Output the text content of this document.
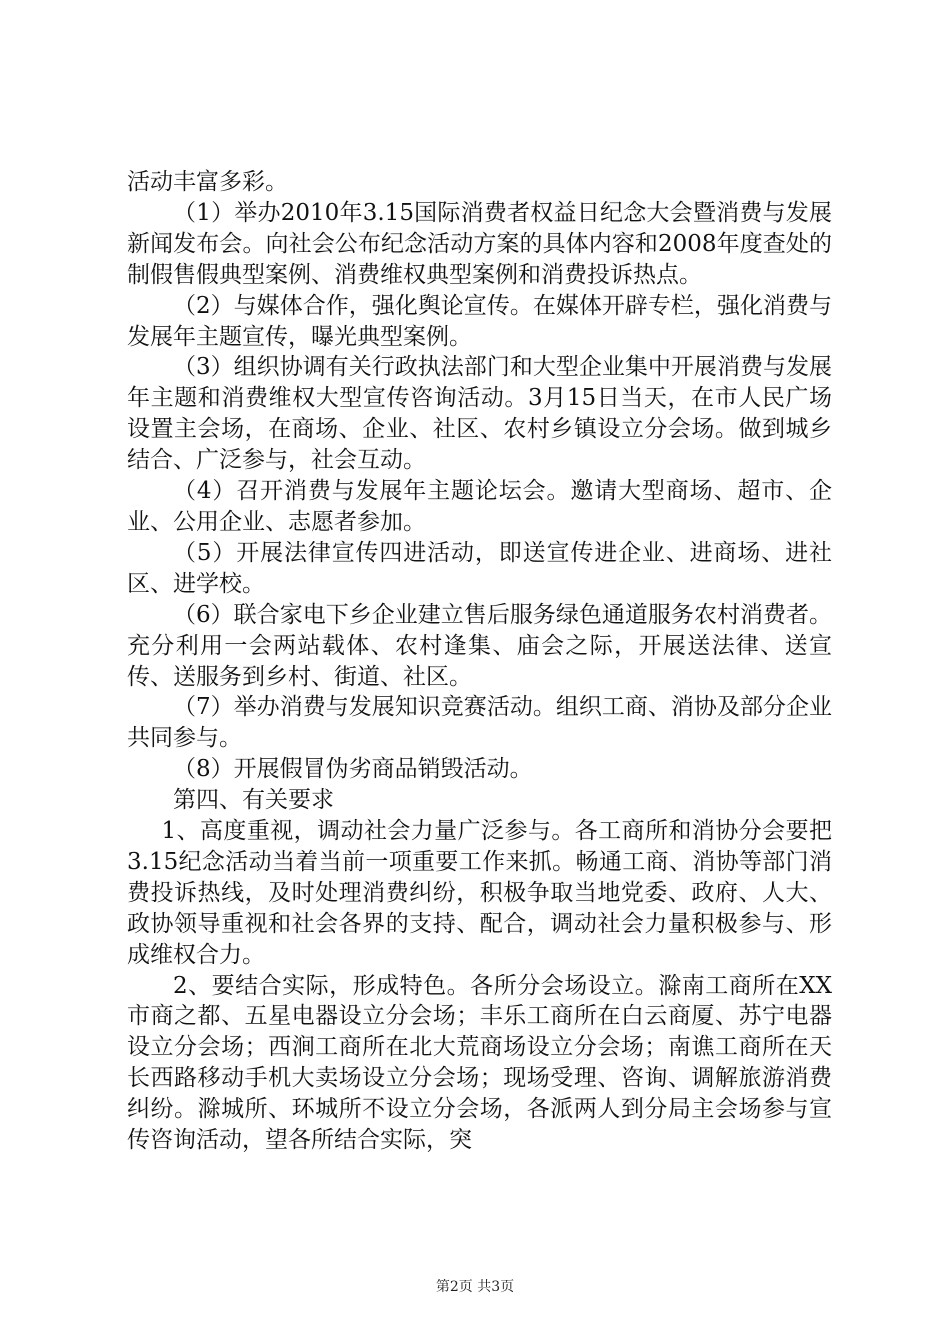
活动丰富多彩。

（1）举办2010年3.15国际消费者权益日纪念大会暨消费与发展新闻发布会。向社会公布纪念活动方案的具体内容和2008年度查处的制假售假典型案例、消费维权典型案例和消费投诉热点。

（2）与媒体合作，强化舆论宣传。在媒体开辟专栏，强化消费与发展年主题宣传，曝光典型案例。

（3）组织协调有关行政执法部门和大型企业集中开展消费与发展年主题和消费维权大型宣传咨询活动。3月15日当天，在市人民广场设置主会场，在商场、企业、社区、农村乡镇设立分会场。做到城乡结合、广泛参与，社会互动。

（4）召开消费与发展年主题论坛会。邀请大型商场、超市、企业、公用企业、志愿者参加。

（5）开展法律宣传四进活动，即送宣传进企业、进商场、进社区、进学校。

（6）联合家电下乡企业建立售后服务绿色通道服务农村消费者。充分利用一会两站载体、农村逢集、庙会之际，开展送法律、送宣传、送服务到乡村、街道、社区。

（7）举办消费与发展知识竞赛活动。组织工商、消协及部分企业共同参与。

（8）开展假冒伪劣商品销毁活动。

第四、有关要求

1、高度重视，调动社会力量广泛参与。各工商所和消协分会要把3.15纪念活动当着当前一项重要工作来抓。畅通工商、消协等部门消费投诉热线，及时处理消费纠纷，积极争取当地党委、政府、人大、政协领导重视和社会各界的支持、配合，调动社会力量积极参与、形成维权合力。

2、要结合实际，形成特色。各所分会场设立。滁南工商所在XX市商之都、五星电器设立分会场；丰乐工商所在白云商厦、苏宁电器设立分会场；西涧工商所在北大荒商场设立分会场；南谯工商所在天长西路移动手机大卖场设立分会场；现场受理、咨询、调解旅游消费纠纷。滁城所、环城所不设立分会场，各派两人到分局主会场参与宣传咨询活动，望各所结合实际，突

第2页 共3页
